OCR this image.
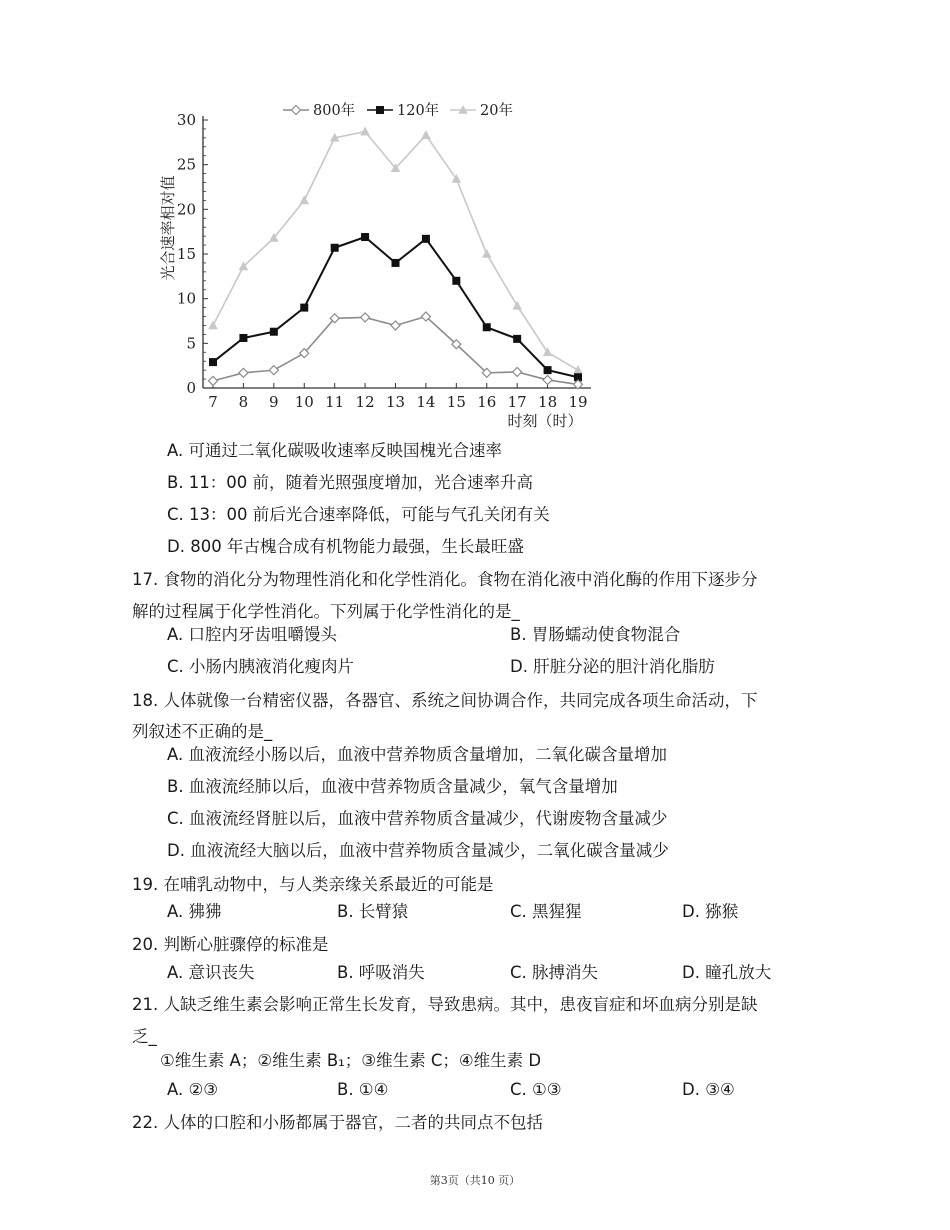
0
5
10
15
20
25
30
7 8 9 10 11 12 13 14 15 16 17 18 19
800年	120年	20年
光合速率相对值
时刻（时）
A. 可通过二氧化碳吸收速率反映国槐光合速率
B. 11：00 前，随着光照强度增加，光合速率升高
C. 13：00 前后光合速率降低，可能与气孔关闭有关
D. 800 年古槐合成有机物能力最强，生长最旺盛
17. 食物的消化分为物理性消化和化学性消化。食物在消化液中消化酶的作用下逐步分
解的过程属于化学性消化。下列属于化学性消化的是_
A. 口腔内牙齿咀嚼馒头	B. 胃肠蠕动使食物混合
C. 小肠内胰液消化瘦肉片	D. 肝脏分泌的胆汁消化脂肪
18. 人体就像一台精密仪器，各器官、系统之间协调合作，共同完成各项生命活动，下
列叙述不正确的是_
A. 血液流经小肠以后，血液中营养物质含量增加，二氧化碳含量增加
B. 血液流经肺以后，血液中营养物质含量减少，氧气含量增加
C. 血液流经肾脏以后，血液中营养物质含量减少，代谢废物含量减少
D. 血液流经大脑以后，血液中营养物质含量减少，二氧化碳含量减少
19. 在哺乳动物中，与人类亲缘关系最近的可能是
A. 狒狒	B. 长臂猿	C. 黑猩猩	D. 猕猴
20. 判断心脏骤停的标准是
A. 意识丧失	B. 呼吸消失	C. 脉搏消失	D. 瞳孔放大
21. 人缺乏维生素会影响正常生长发育，导致患病。其中，患夜盲症和坏血病分别是缺
乏_
①维生素 A；②维生素 B₁；③维生素 C；④维生素 D
A. ②③	B. ①④	C. ①③	D. ③④
22. 人体的口腔和小肠都属于器官，二者的共同点不包括
第3页（共10 页）
